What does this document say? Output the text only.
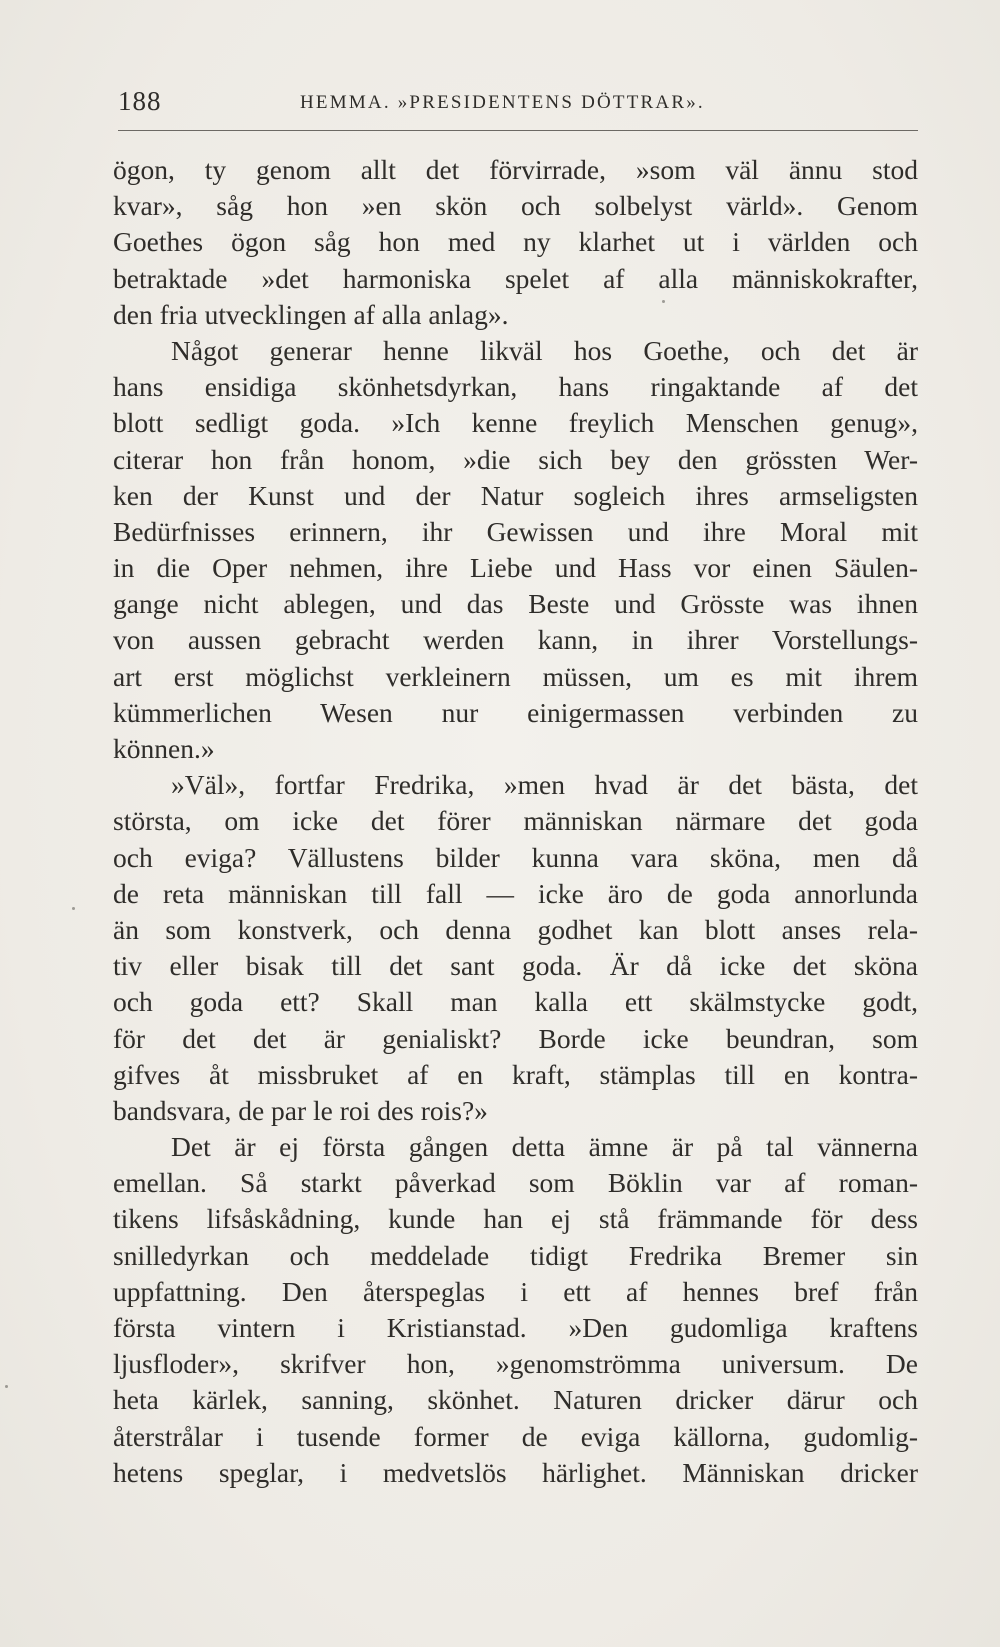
188	HEMMA. »PRESIDENTENS DÖTTRAR».
ögon, ty genom allt det förvirrade, »som väl ännu stod
kvar», såg hon »en skön och solbelyst värld». Genom
Goethes ögon såg hon med ny klarhet ut i världen och
betraktade »det harmoniska spelet af alla människokrafter,
den fria utvecklingen af alla anlag».
Något generar henne likväl hos Goethe, och det är
hans ensidiga skönhetsdyrkan, hans ringaktande af det
blott sedligt goda. »Ich kenne freylich Menschen genug»,
citerar hon från honom, »die sich bey den grössten Wer-
ken der Kunst und der Natur sogleich ihres armseligsten
Bedürfnisses erinnern, ihr Gewissen und ihre Moral mit
in die Oper nehmen, ihre Liebe und Hass vor einen Säulen-
gange nicht ablegen, und das Beste und Grösste was ihnen
von aussen gebracht werden kann, in ihrer Vorstellungs-
art erst möglichst verkleinern müssen, um es mit ihrem
kümmerlichen Wesen nur einigermassen verbinden zu
können.»
»Väl», fortfar Fredrika, »men hvad är det bästa, det
största, om icke det förer människan närmare det goda
och eviga? Vällustens bilder kunna vara sköna, men då
de reta människan till fall — icke äro de goda annorlunda
än som konstverk, och denna godhet kan blott anses rela-
tiv eller bisak till det sant goda. Är då icke det sköna
och goda ett? Skall man kalla ett skälmstycke godt,
för det det är genialiskt? Borde icke beundran, som
gifves åt missbruket af en kraft, stämplas till en kontra-
bandsvara, de par le roi des rois?»
Det är ej första gången detta ämne är på tal vännerna
emellan. Så starkt påverkad som Böklin var af roman-
tikens lifsåskådning, kunde han ej stå främmande för dess
snilledyrkan och meddelade tidigt Fredrika Bremer sin
uppfattning. Den återspeglas i ett af hennes bref från
första vintern i Kristianstad. »Den gudomliga kraftens
ljusfloder», skrifver hon, »genomströmma universum. De
heta kärlek, sanning, skönhet. Naturen dricker därur och
återstrålar i tusende former de eviga källorna, gudomlig-
hetens speglar, i medvetslös härlighet. Människan dricker
